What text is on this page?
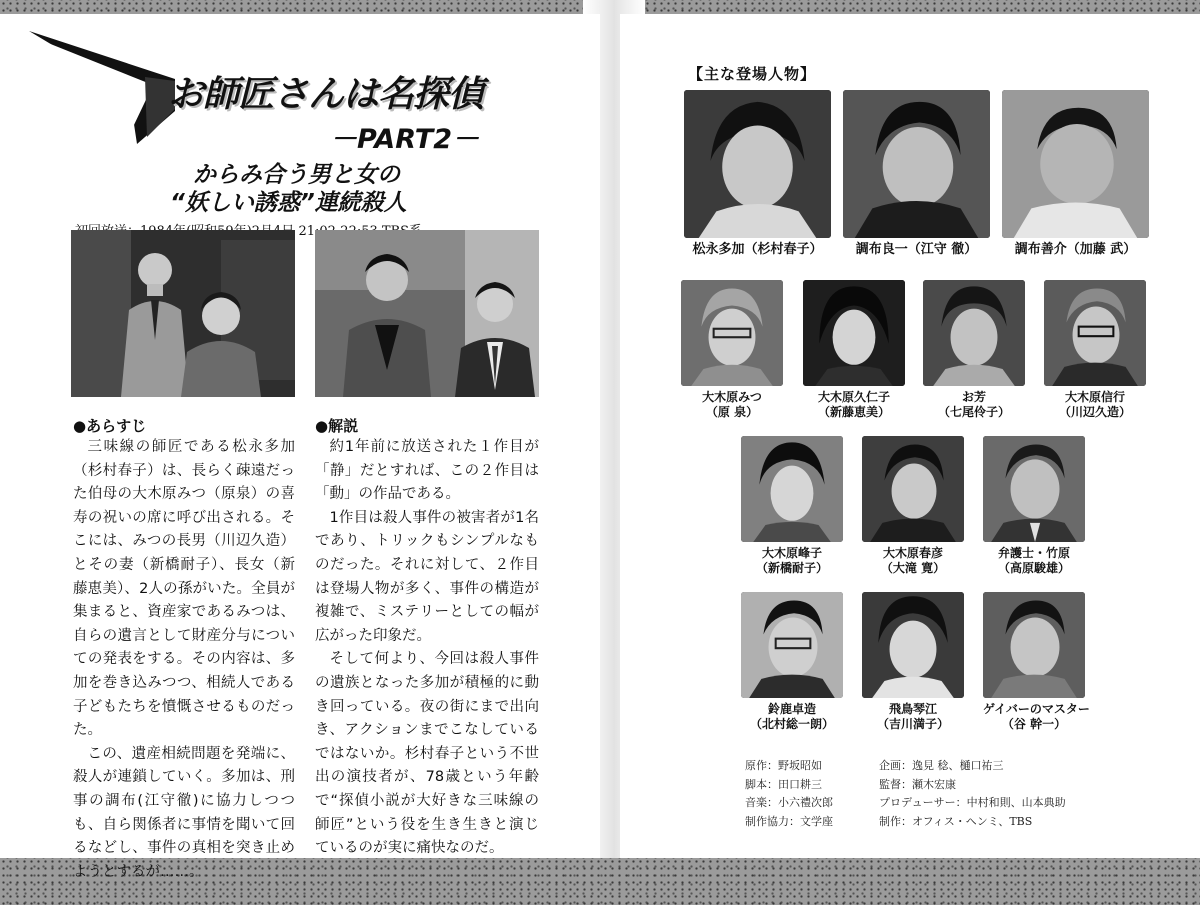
お師匠さんは名探偵
－PART2－
からみ合う男と女の
“妖しい誘惑”連続殺人
●あらすじ

三味線の師匠である松永多加（杉村春子）は、長らく疎遠だった伯母の大木原みつ（原泉）の喜寿の祝いの席に呼び出される。そこには、みつの長男（川辺久造）とその妻（新橋耐子）、長女（新藤恵美）、2人の孫がいた。全員が集まると、資産家であるみつは、自らの遺言として財産分与についての発表をする。その内容は、多加を巻き込みつつ、相続人である子どもたちを憤慨させるものだった。

この、遺産相続問題を発端に、殺人が連鎖していく。多加は、刑事の調布(江守徹)に協力しつつも、自ら関係者に事情を聞いて回るなどし、事件の真相を突き止めようとするが……。

●解説

約1年前に放送された１作目が「静」だとすれば、この２作目は「動」の作品である。

1作目は殺人事件の被害者が1名であり、トリックもシンプルなものだった。それに対して、２作目は登場人物が多く、事件の構造が複雑で、ミステリーとしての幅が広がった印象だ。

そして何より、今回は殺人事件の遺族となった多加が積極的に動き回っている。夜の街にまで出向き、アクションまでこなしているではないか。杉村春子という不世出の演技者が、78歳という年齢で“探偵小説が大好きな三味線の師匠”という役を生き生きと演じているのが実に痛快なのだ。

【主な登場人物】
松永多加（杉村春子）	調布良一（江守 徹）	調布善介（加藤 武）
大木原みつ
（原 泉）
大木原久仁子
（新藤恵美）
お芳
（七尾伶子）
大木原信行
（川辺久造）
大木原峰子
（新橋耐子）
大木原春彦
（大滝 寛）
弁護士・竹原
（高原駿雄）
鈴鹿卓造
（北村総一朗）
飛鳥琴江
（吉川満子）
ゲイバーのマスター
（谷 幹一）
原作：野坂昭如
脚本：田口耕三
音楽：小六禮次郎
制作協力：文学座
企画：逸見 稔、樋口祐三
監督：瀬木宏康
プロデューサー：中村和則、山本典助
制作：オフィス・ヘンミ、TBS
